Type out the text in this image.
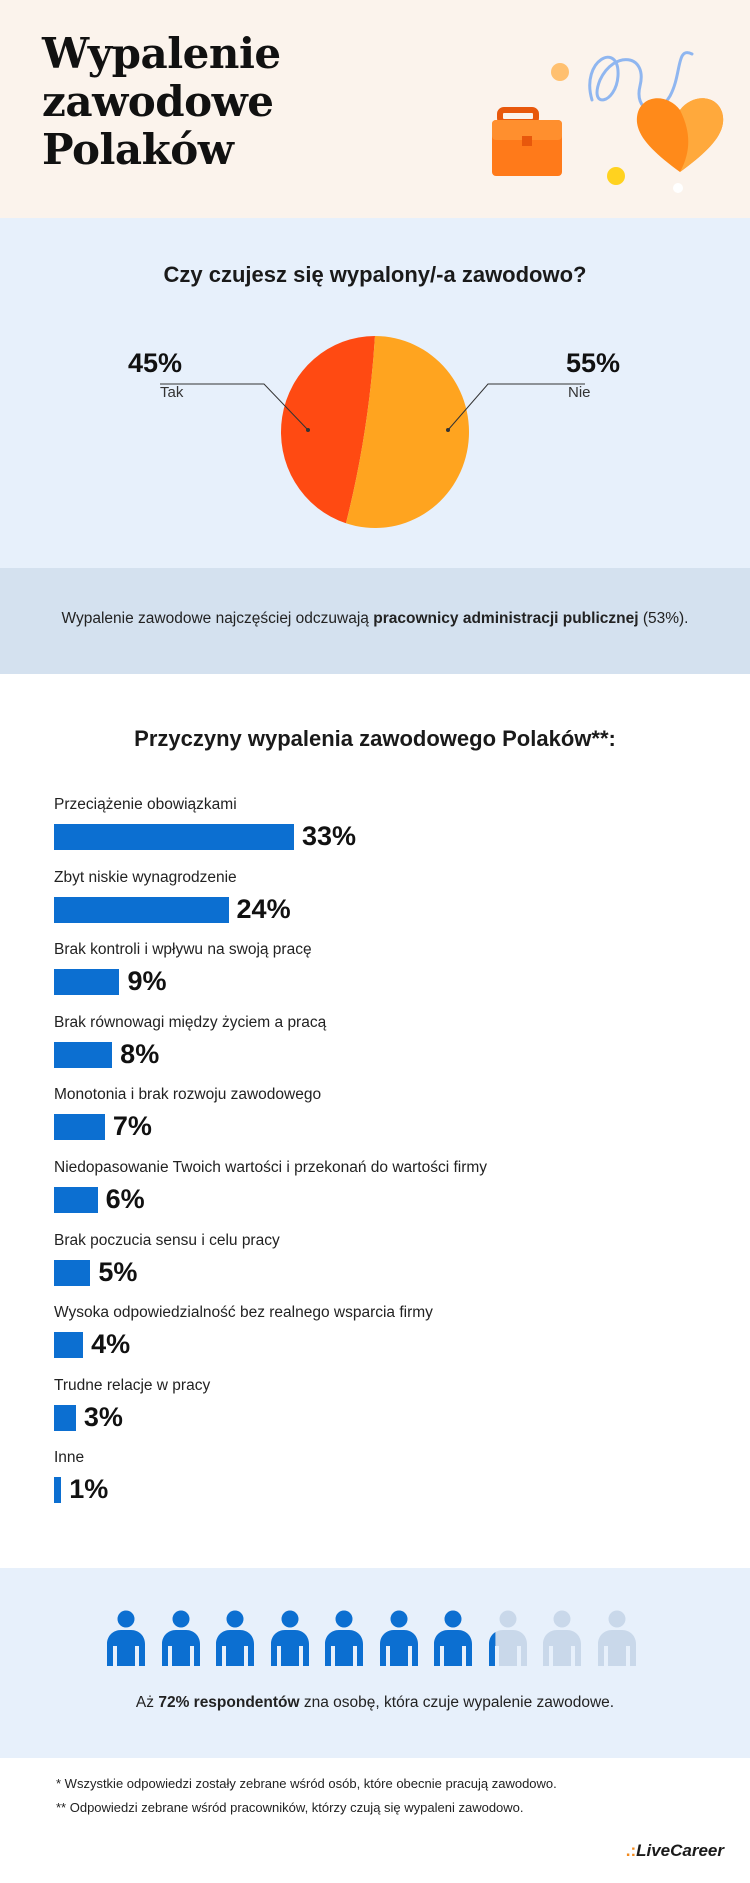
Wypalenie zawodowe
Polaków
Czy czujesz się wypalony/-a zawodowo?
45%
Tak
55%
Nie

Wypalenie zawodowe najczęściej odczuwają pracownicy administracji publicznej (53%).

Przyczyny wypalenia zawodowego Polaków**:
Przeciążenie obowiązkami
33%
Zbyt niskie wynagrodzenie
24%
Brak kontroli i wpływu na swoją pracę
9%
Brak równowagi między życiem a pracą
8%
Monotonia i brak rozwoju zawodowego
7%
Niedopasowanie Twoich wartości i przekonań do wartości firmy
6%
Brak poczucia sensu i celu pracy
5%
Wysoka odpowiedzialność bez realnego wsparcia firmy
4%
Trudne relacje w pracy
3%
Inne
1%

Aż 72% respondentów zna osobę, która czuje wypalenie zawodowe.

* Wszystkie odpowiedzi zostały zebrane wśród osób, które obecnie pracują zawodowo.

** Odpowiedzi zebrane wśród pracowników, którzy czują się wypaleni zawodowo.

.:LiveCareer
